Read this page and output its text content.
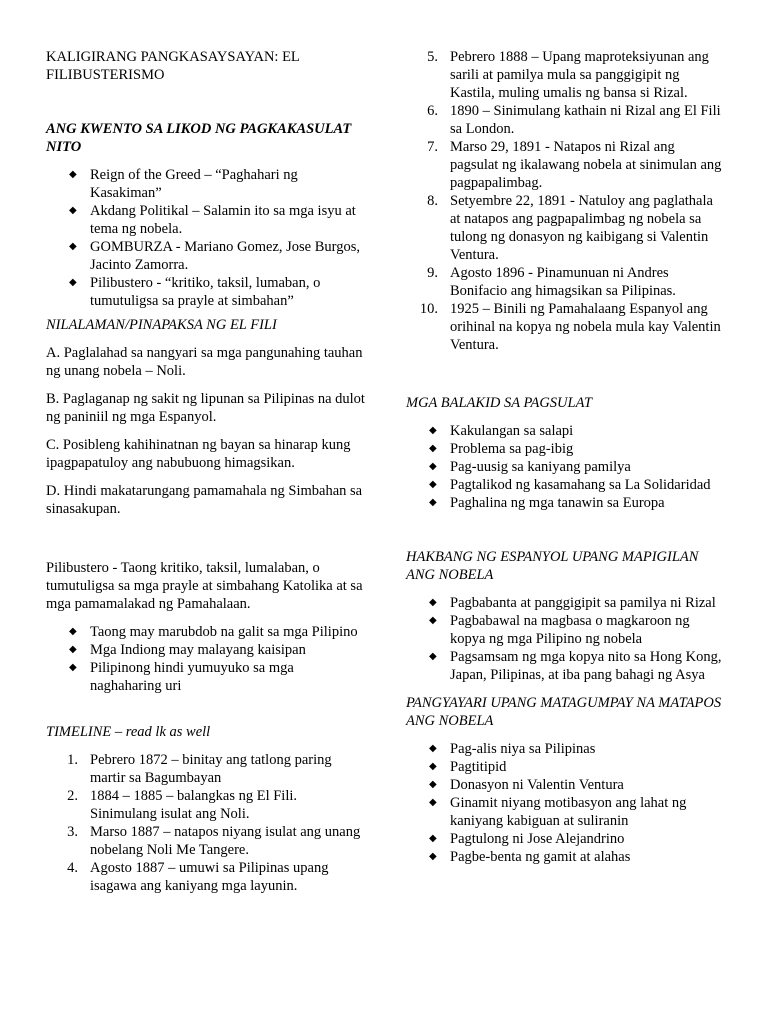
KALIGIRANG PANGKASAYSAYAN: EL FILIBUSTERISMO

ANG KWENTO SA LIKOD NG PAGKAKASULAT NITO

◆ Reign of the Greed – “Paghahari ng Kasakiman”
◆ Akdang Politikal – Salamin ito sa mga isyu at tema ng nobela.
◆ GOMBURZA - Mariano Gomez, Jose Burgos, Jacinto Zamorra.
◆ Pilibustero - “kritiko, taksil, lumaban, o tumutuligsa sa prayle at simbahan”

NILALAMAN/PINAPAKSA NG EL FILI

A. Paglalahad sa nangyari sa mga pangunahing tauhan ng unang nobela – Noli.

B. Paglaganap ng sakit ng lipunan sa Pilipinas na dulot ng paniniil ng mga Espanyol.

C. Posibleng kahihinatnan ng bayan sa hinarap kung ipagpapatuloy ang nabubuong himagsikan.

D. Hindi makatarungang pamamahala ng Simbahan sa sinasakupan.

Pilibustero - Taong kritiko, taksil, lumalaban, o tumutuligsa sa mga prayle at simbahang Katolika at sa mga pamamalakad ng Pamahalaan.

◆ Taong may marubdob na galit sa mga Pilipino
◆ Mga Indiong may malayang kaisipan
◆ Pilipinong hindi yumuyuko sa mga naghaharing uri

TIMELINE – read lk as well

1. Pebrero 1872 – binitay ang tatlong paring martir sa Bagumbayan
2. 1884 – 1885 – balangkas ng El Fili. Sinimulang isulat ang Noli.
3. Marso 1887 – natapos niyang isulat ang unang nobelang Noli Me Tangere.
4. Agosto 1887 – umuwi sa Pilipinas upang isagawa ang kaniyang mga layunin.
5. Pebrero 1888 – Upang maproteksiyunan ang sarili at pamilya mula sa panggigipit ng Kastila, muling umalis ng bansa si Rizal.
6. 1890 – Sinimulang kathain ni Rizal ang El Fili sa London.
7. Marso 29, 1891 - Natapos ni Rizal ang pagsulat ng ikalawang nobela at sinimulan ang pagpapalimbag.
8. Setyembre 22, 1891 - Natuloy ang paglathala at natapos ang pagpapalimbag ng nobela sa tulong ng donasyon ng kaibigang si Valentin Ventura.
9. Agosto 1896 - Pinamunuan ni Andres Bonifacio ang himagsikan sa Pilipinas.
10. 1925 – Binili ng Pamahalaang Espanyol ang orihinal na kopya ng nobela mula kay Valentin Ventura.

MGA BALAKID SA PAGSULAT

◆ Kakulangan sa salapi
◆ Problema sa pag-ibig
◆ Pag-uusig sa kaniyang pamilya
◆ Pagtalikod ng kasamahang sa La Solidaridad
◆ Paghalina ng mga tanawin sa Europa

HAKBANG NG ESPANYOL UPANG MAPIGILAN ANG NOBELA

◆ Pagbabanta at panggigipit sa pamilya ni Rizal
◆ Pagbabawal na magbasa o magkaroon ng kopya ng mga Pilipino ng nobela
◆ Pagsamsam ng mga kopya nito sa Hong Kong, Japan, Pilipinas, at iba pang bahagi ng Asya

PANGYAYARI UPANG MATAGUMPAY NA MATAPOS ANG NOBELA

◆ Pag-alis niya sa Pilipinas
◆ Pagtitipid
◆ Donasyon ni Valentin Ventura
◆ Ginamit niyang motibasyon ang lahat ng kaniyang kabiguan at suliranin
◆ Pagtulong ni Jose Alejandrino
◆ Pagbe-benta ng gamit at alahas
